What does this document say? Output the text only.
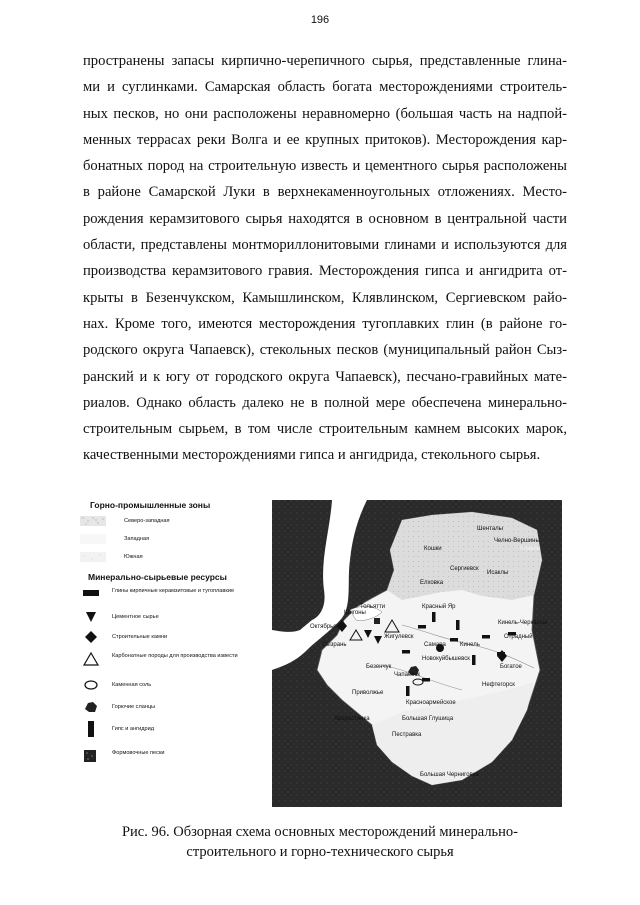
196
пространены запасы кирпично-черепичного сырья, представленные глина-
ми и суглинками. Самарская область богата месторождениями строитель-
ных песков, но они расположены неравномерно (большая часть на надпой-
менных террасах реки Волга и ее крупных притоков). Месторождения кар-
бонатных пород на строительную известь и цементного сырья расположены
в районе Самарской Луки в верхнекаменноугольных отложениях. Место-
рождения керамзитового сырья находятся в основном в центральной части
области, представлены монтмориллонитовыми глинами и используются для
производства керамзитового гравия. Месторождения гипса и ангидрита от-
крыты в Безенчукском, Камышлинском, Клявлинском, Сергиевском райо-
нах. Кроме того, имеются месторождения тугоплавких глин (в районе го-
родского округа Чапаевск), стекольных песков (муниципальный район Сыз-
ранский и к югу от городского округа Чапаевск), песчано-гравийных мате-
риалов. Однако область далеко не в полной мере обеспечена минерально-
строительным сырьем, в том числе строительным камнем высоких марок,
качественными месторождениями гипса и ангидрида, стекольного сырья.
Горно-промышленные зоны
Северо-западная
Западная
Южная
Минерально-сырьевые ресурсы
Глины кирпичные керамзитовые и тугоплавкие
Цементное сырье
Строительные камни
Карбонатные породы для производства извести
Каменная соль
Горючие сланцы
Гипс и ангидрид
Формовочные пески
Шенталы
Челно-Вершины
Кошки	Клявли
Сергиевск
Исаклы
Елховка
Тольятти	Красный Яр
Шигоны
Кинель-Черкассы
Отрадный
Октябрьск
Жигулевск
Самара Кинель
Сызрань
Новокуйбышевск
Богатое
Безенчук
Чапаевск
Нефтегорск
Приволжье
Красноармейское
Хворостянка	Большая Глушица
Пестравка
Большая Черниговка
Рис. 96. Обзорная схема основных месторождений минерально-
строительного и горно-технического сырья
